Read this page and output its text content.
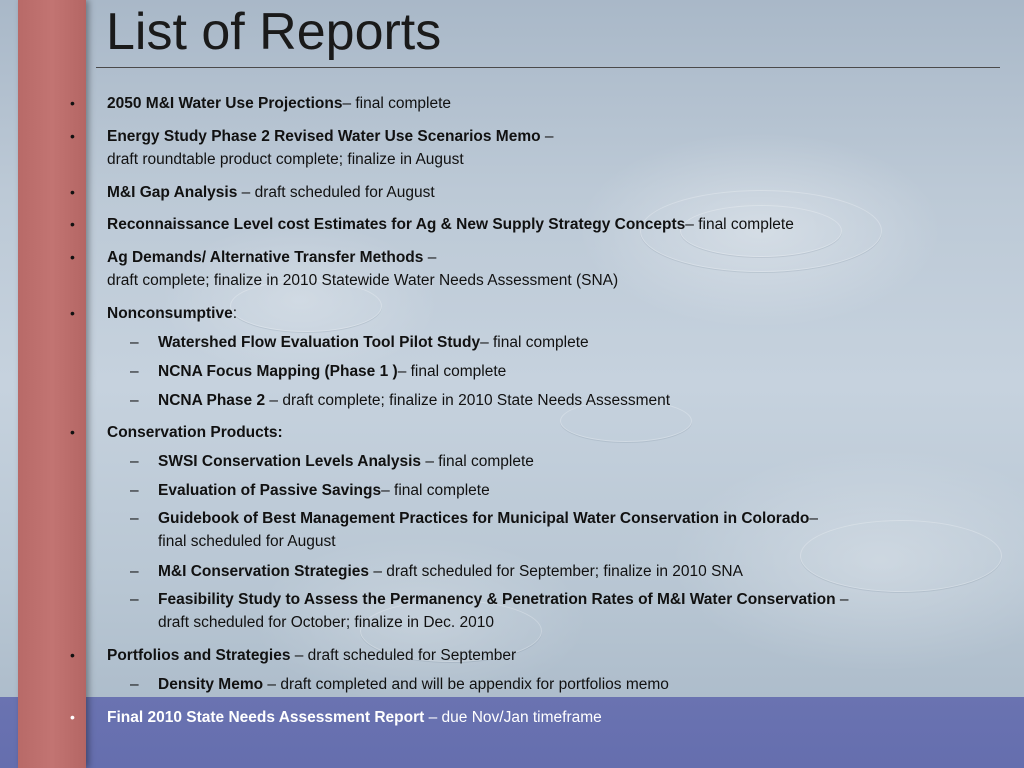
List of Reports
• 2050 M&I Water Use Projections– final complete
• Energy Study Phase 2 Revised Water Use Scenarios Memo –
draft roundtable product complete; finalize in August
• M&I Gap Analysis – draft scheduled for August
• Reconnaissance Level cost Estimates for Ag & New Supply Strategy Concepts– final complete
• Ag Demands/ Alternative Transfer Methods –
draft complete; finalize in 2010 Statewide Water Needs Assessment (SNA)
• Nonconsumptive:
– Watershed Flow Evaluation Tool Pilot Study– final complete
– NCNA Focus Mapping (Phase 1 )– final complete
– NCNA Phase 2 – draft complete; finalize in 2010 State Needs Assessment
• Conservation Products:
– SWSI Conservation Levels Analysis – final complete
– Evaluation of Passive Savings– final complete
– Guidebook of Best Management Practices for Municipal Water Conservation in Colorado–
final scheduled for August
– M&I Conservation Strategies – draft scheduled for September; finalize in 2010 SNA
– Feasibility Study to Assess the Permanency & Penetration Rates of M&I Water Conservation –
draft scheduled for October; finalize in Dec. 2010
• Portfolios and Strategies – draft scheduled for September
– Density Memo – draft completed and will be appendix for portfolios memo
• Final 2010 State Needs Assessment Report – due Nov/Jan timeframe
